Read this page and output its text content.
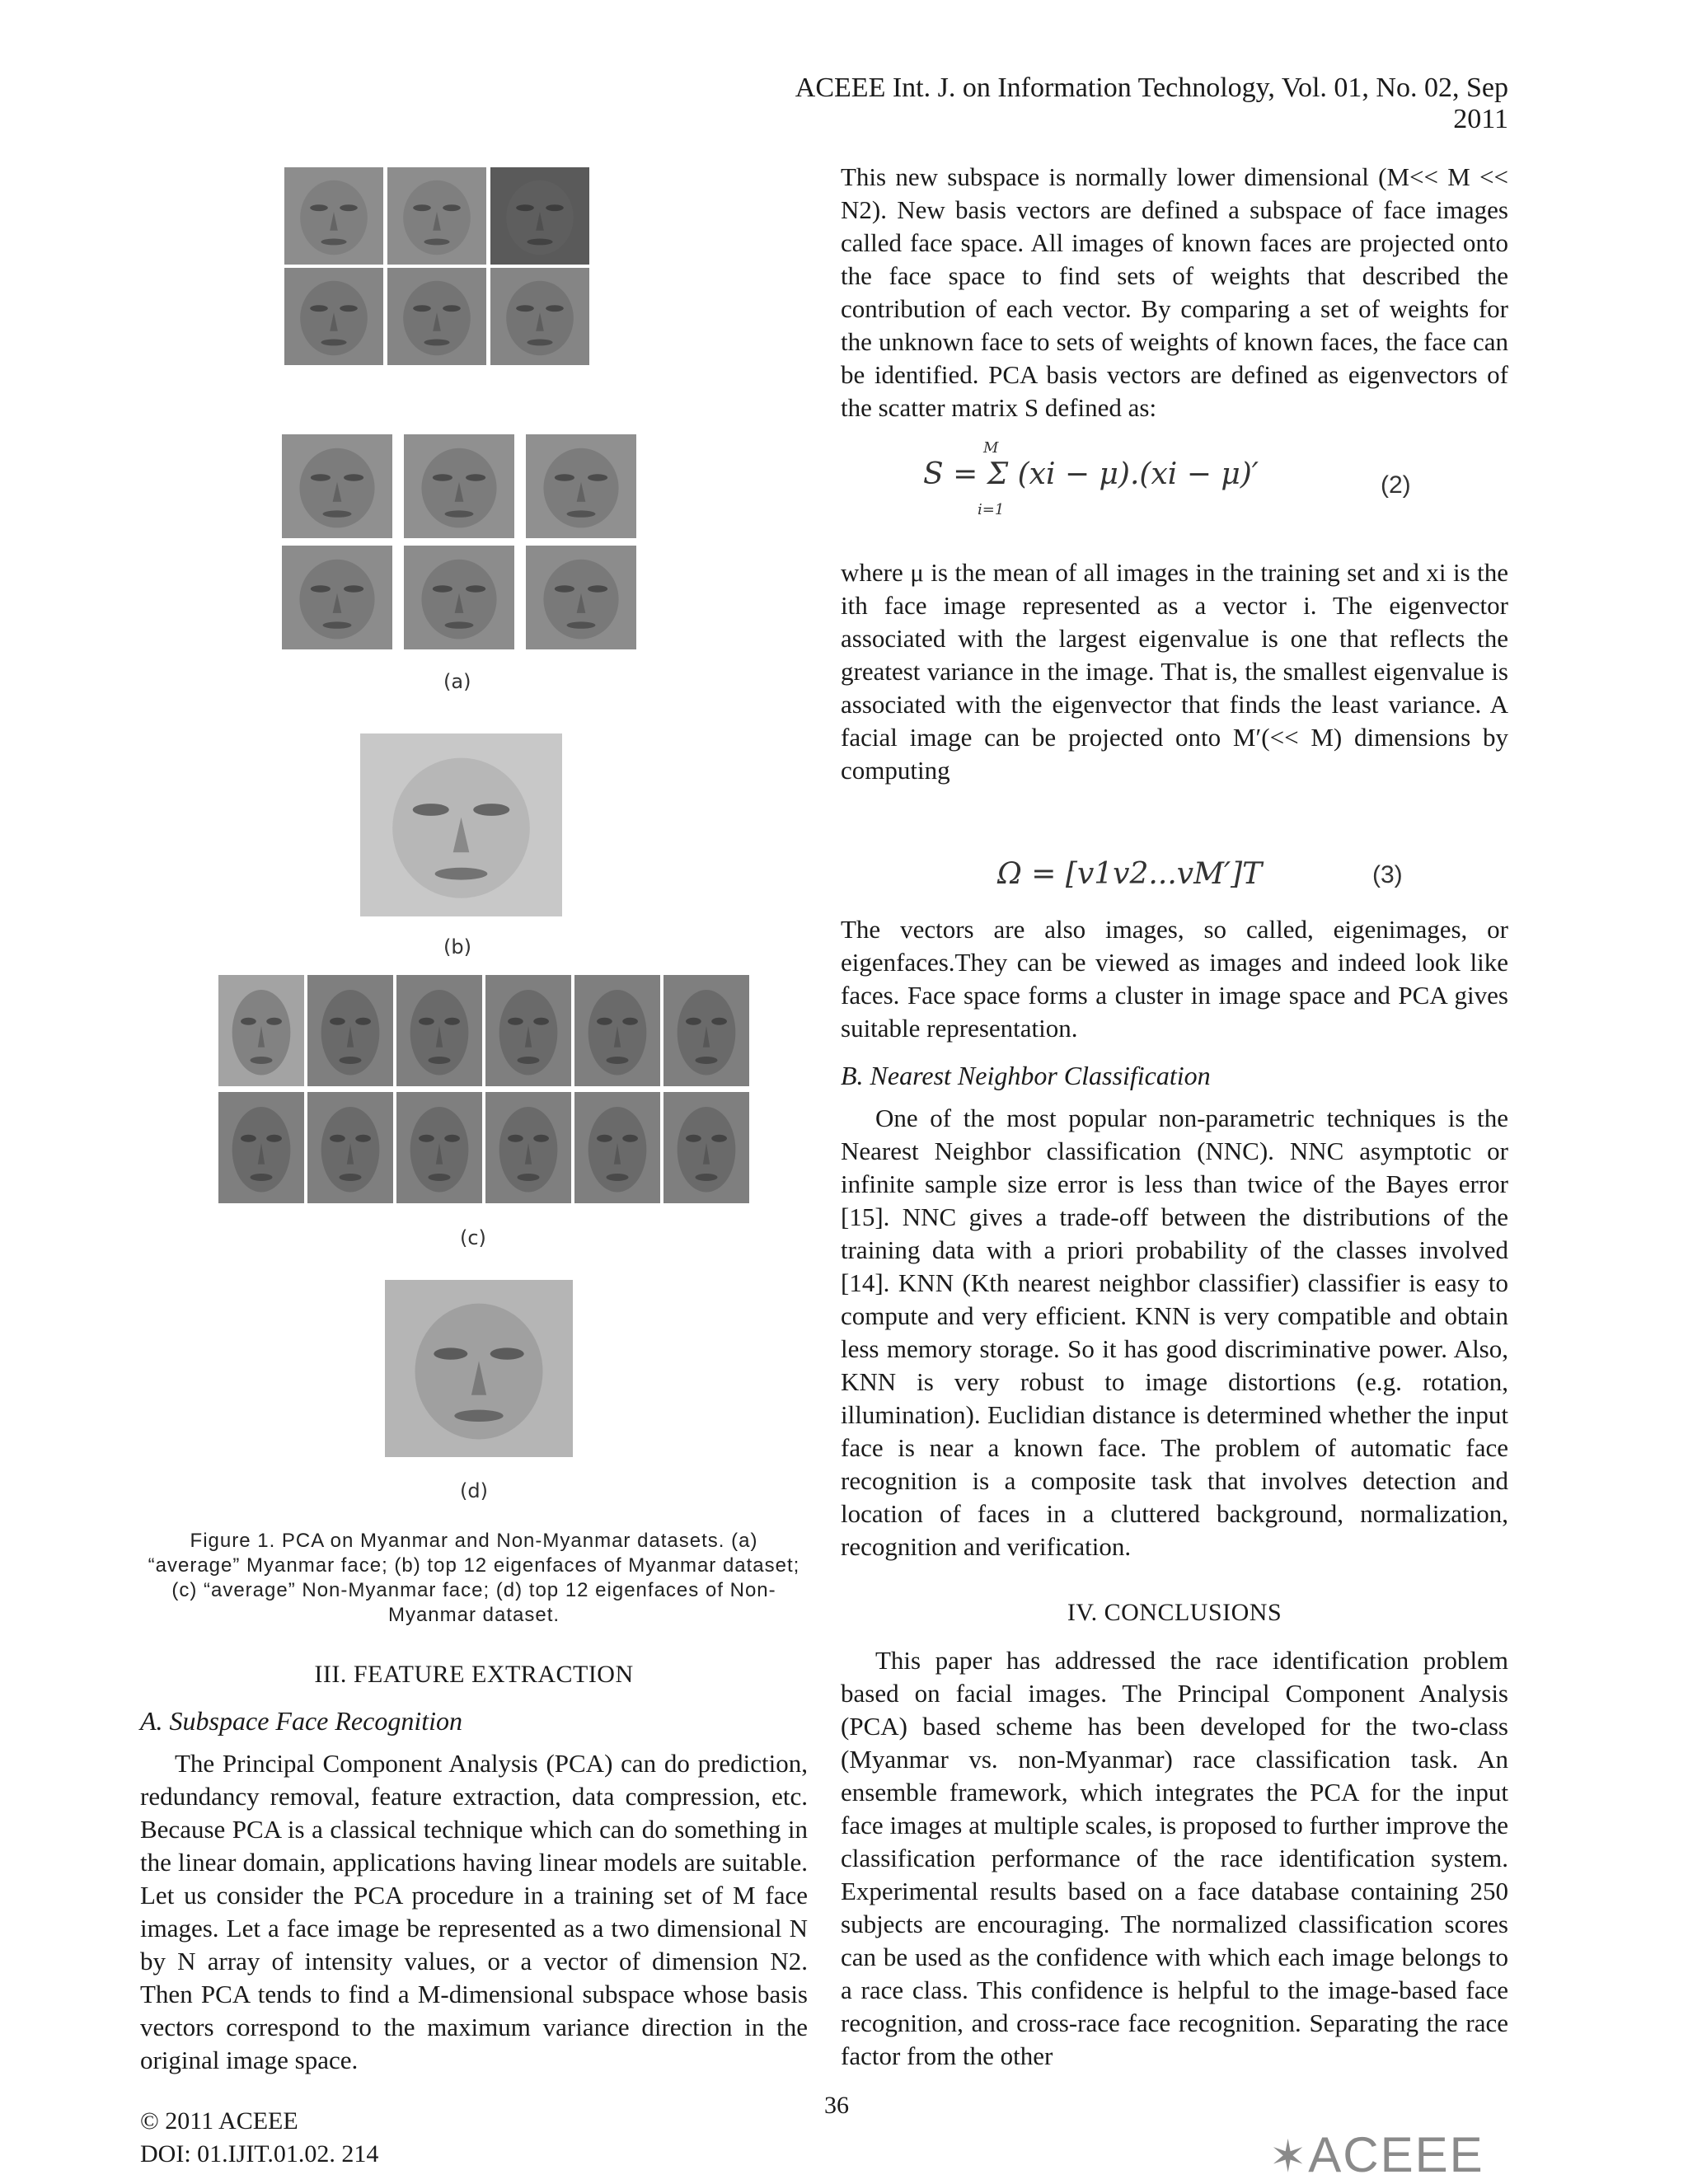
ACEEE Int. J. on Information Technology, Vol. 01, No. 02, Sep 2011

This new subspace is normally lower dimensional (M<< M << N2). New basis vectors are defined a subspace of face images called face space. All images of known faces are projected onto the face space to find sets of weights that described the contribution of each vector. By comparing a set of weights for the unknown face to sets of weights of known faces, the face can be identified. PCA basis vectors are defined as eigenvectors of the scatter matrix S defined as:

S = Σ (xi − μ).(xi − μ)′
M
i=1
(2)

where μ is the mean of all images in the training set and xi is the ith face image represented as a vector i. The eigenvector associated with the largest eigenvalue is one that reflects the greatest variance in the image. That is, the smallest eigenvalue is associated with the eigenvector that finds the least variance. A facial image can be projected onto M′(<< M) dimensions by computing

Ω = [v1v2...vM′]T	(3)

The vectors are also images, so called, eigenimages, or eigenfaces.They can be viewed as images and indeed look like faces. Face space forms a cluster in image space and PCA gives suitable representation.

B. Nearest Neighbor Classification

One of the most popular non-parametric techniques is the Nearest Neighbor classification (NNC). NNC asymptotic or infinite sample size error is less than twice of the Bayes error [15]. NNC gives a trade-off between the distributions of the training data with a priori probability of the classes involved [14]. KNN (Kth nearest neighbor classifier) classifier is easy to compute and very efficient. KNN is very compatible and obtain less memory storage. So it has good discriminative power. Also, KNN is very robust to image distortions (e.g. rotation, illumination). Euclidian distance is determined whether the input face is near a known face. The problem of automatic face recognition is a composite task that involves detection and location of faces in a cluttered background, normalization, recognition and verification.

IV. CONCLUSIONS

This paper has addressed the race identification problem based on facial images. The Principal Component Analysis (PCA) based scheme has been developed for the two-class (Myanmar vs. non-Myanmar) race classification task. An ensemble framework, which integrates the PCA for the input face images at multiple scales, is proposed to further improve the classification performance of the race identification system. Experimental results based on a face database containing 250 subjects are encouraging. The normalized classification scores can be used as the confidence with which each image belongs to a race class. This confidence is helpful to the image-based face recognition, and cross-race face recognition. Separating the race factor from the other

(a)
(b)
(c)
(d)
Figure 1. PCA on Myanmar and Non-Myanmar datasets. (a) “average” Myanmar face; (b) top 12 eigenfaces of Myanmar dataset;(c) “average” Non-Myanmar face; (d) top 12 eigenfaces of Non-Myanmar dataset.
III. FEATURE EXTRACTION
A. Subspace Face Recognition

The Principal Component Analysis (PCA) can do prediction, redundancy removal, feature extraction, data compression, etc. Because PCA is a classical technique which can do something in the linear domain, applications having linear models are suitable. Let us consider the PCA procedure in a training set of M face images. Let a face image be represented as a two dimensional N by N array of intensity values, or a vector of dimension N2. Then PCA tends to find a M-dimensional subspace whose basis vectors correspond to the maximum variance direction in the original image space.

36
© 2011 ACEEE
DOI: 01.IJIT.01.02. 214	✶ACEEE
